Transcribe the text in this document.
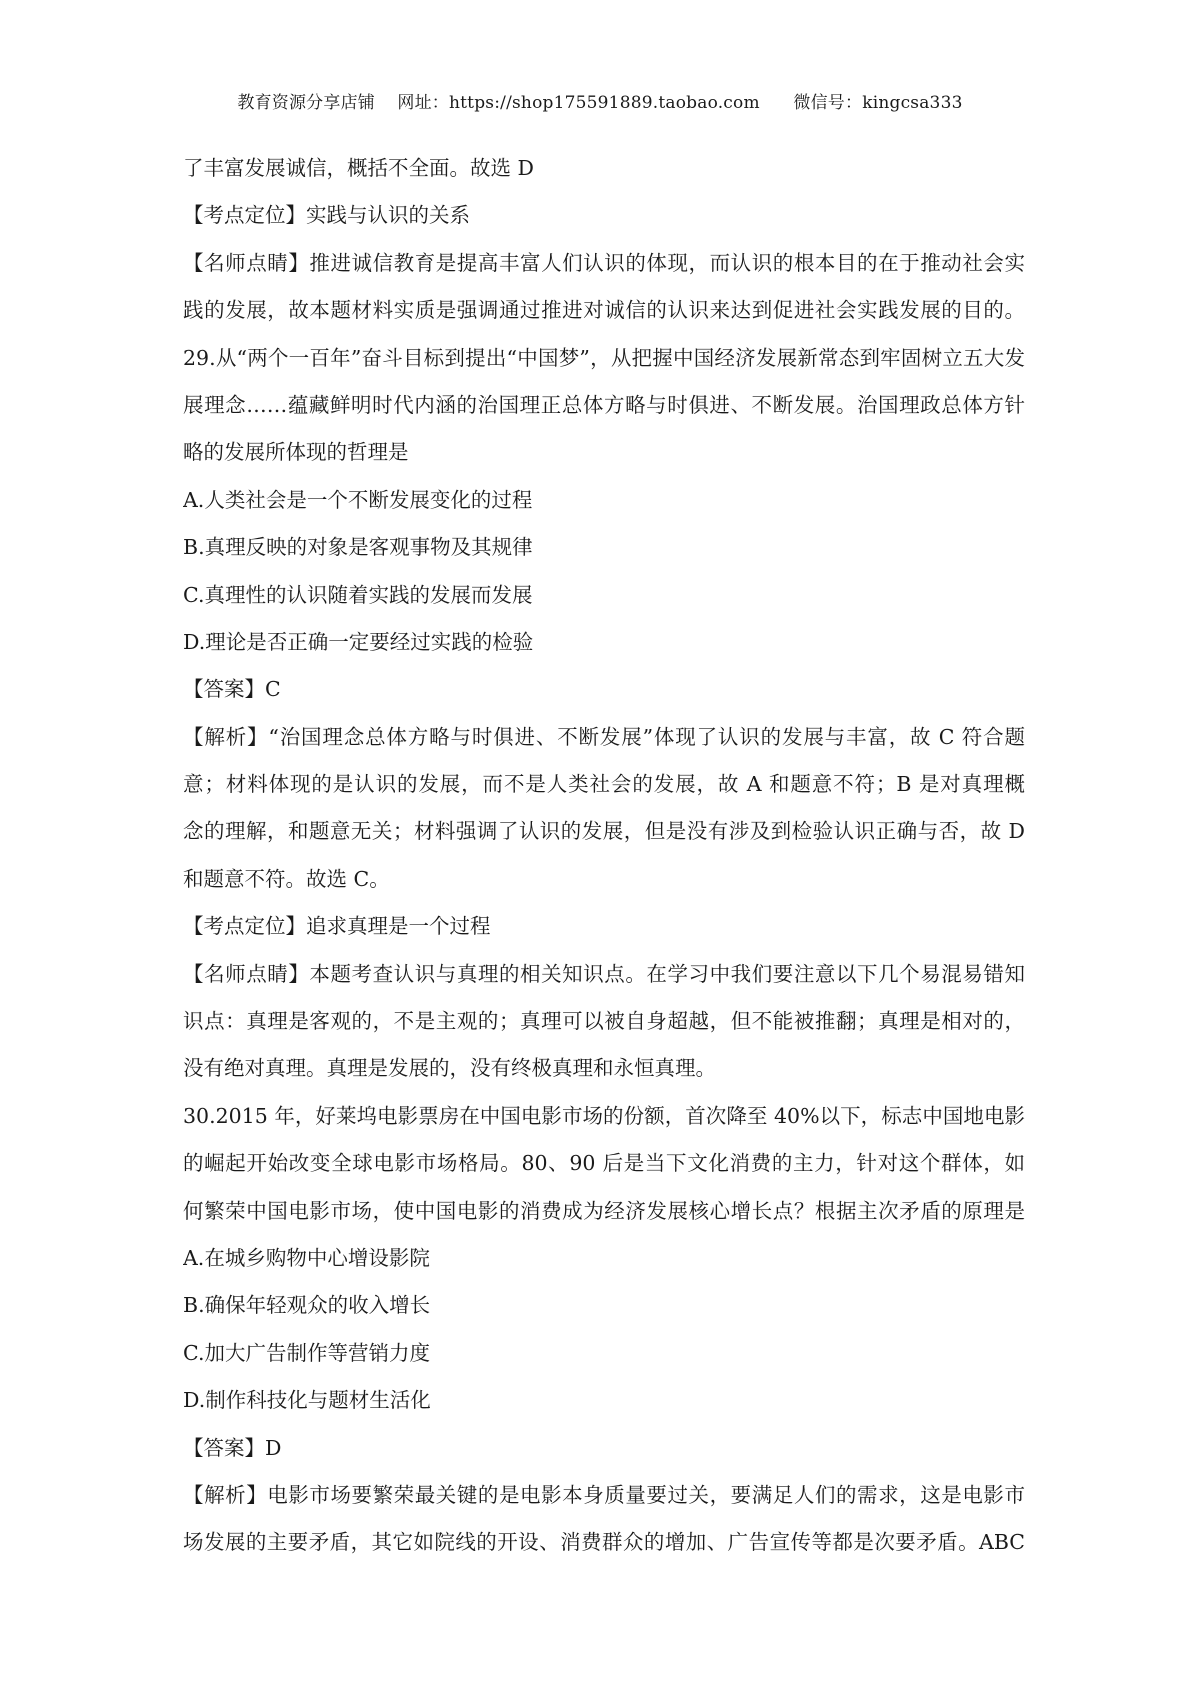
教育资源分享店铺 网址：https://shop175591889.taobao.com 微信号：kingcsa333
了丰富发展诚信，概括不全面。故选 D
【考点定位】实践与认识的关系
【名师点睛】推进诚信教育是提高丰富人们认识的体现，而认识的根本目的在于推动社会实
践的发展，故本题材料实质是强调通过推进对诚信的认识来达到促进社会实践发展的目的。
29.从“两个一百年”奋斗目标到提出“中国梦”，从把握中国经济发展新常态到牢固树立五大发
展理念……蕴藏鲜明时代内涵的治国理正总体方略与时俱进、不断发展。治国理政总体方针
略的发展所体现的哲理是
A.人类社会是一个不断发展变化的过程
B.真理反映的对象是客观事物及其规律
C.真理性的认识随着实践的发展而发展
D.理论是否正确一定要经过实践的检验
【答案】C
【解析】“治国理念总体方略与时俱进、不断发展”体现了认识的发展与丰富，故 C 符合题
意；材料体现的是认识的发展，而不是人类社会的发展，故 A 和题意不符；B 是对真理概
念的理解，和题意无关；材料强调了认识的发展，但是没有涉及到检验认识正确与否，故 D
和题意不符。故选 C。
【考点定位】追求真理是一个过程
【名师点睛】本题考查认识与真理的相关知识点。在学习中我们要注意以下几个易混易错知
识点：真理是客观的，不是主观的；真理可以被自身超越，但不能被推翻；真理是相对的，
没有绝对真理。真理是发展的，没有终极真理和永恒真理。
30.2015 年，好莱坞电影票房在中国电影市场的份额，首次降至 40%以下，标志中国地电影
的崛起开始改变全球电影市场格局。80、90 后是当下文化消费的主力，针对这个群体，如
何繁荣中国电影市场，使中国电影的消费成为经济发展核心增长点？根据主次矛盾的原理是
A.在城乡购物中心增设影院
B.确保年轻观众的收入增长
C.加大广告制作等营销力度
D.制作科技化与题材生活化
【答案】D
【解析】电影市场要繁荣最关键的是电影本身质量要过关，要满足人们的需求，这是电影市
场发展的主要矛盾，其它如院线的开设、消费群众的增加、广告宣传等都是次要矛盾。ABC
